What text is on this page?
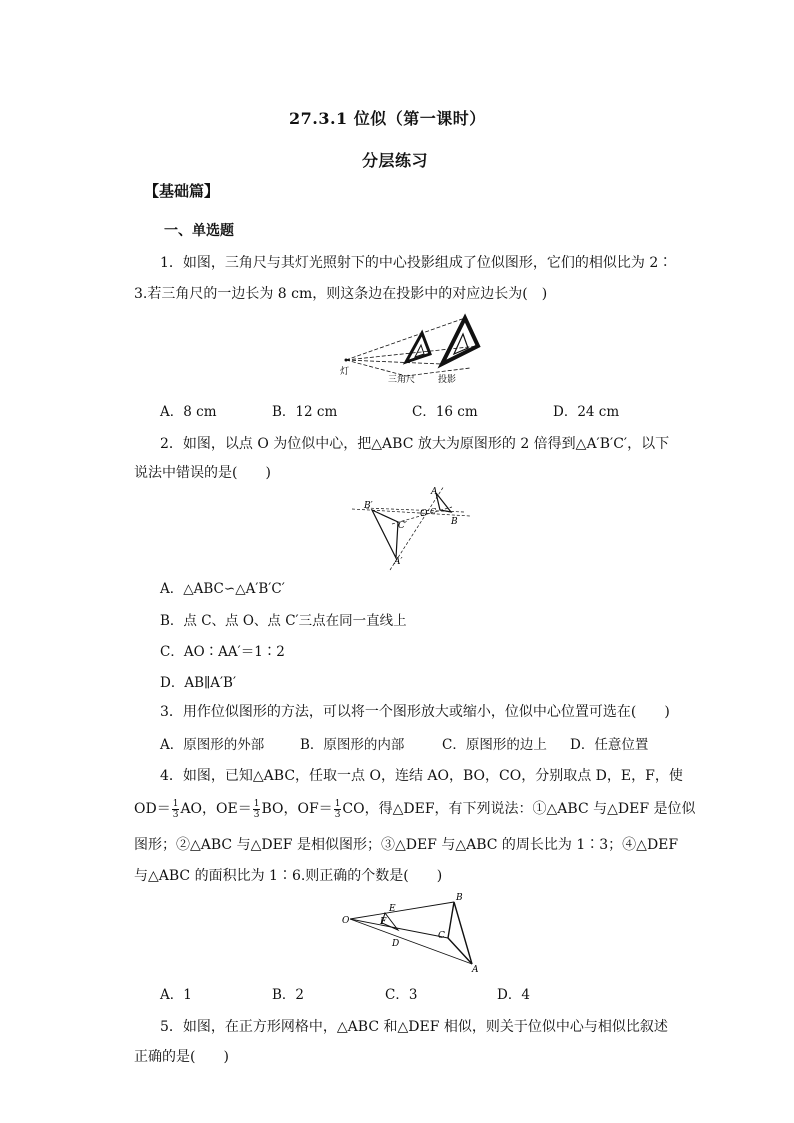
27.3.1 位似（第一课时）
分层练习
【基础篇】
一、单选题
1．如图，三角尺与其灯光照射下的中心投影组成了位似图形，它们的相似比为 2∶
3.若三角尺的一边长为 8 cm，则这条边在投影中的对应边长为(　)
灯
三角尺	投影
A．8 cm	B．12 cm	C．16 cm	D．24 cm
2．如图，以点 O 为位似中心，把△ABC 放大为原图形的 2 倍得到△A′B′C′，以下
说法中错误的是(　　)
B′
C′
A′
O
A
C
B
A．△ABC∽△A′B′C′
B．点 C、点 O、点 C′三点在同一直线上
C．AO∶AA′＝1∶2
D．AB∥A′B′
3．用作位似图形的方法，可以将一个图形放大或缩小，位似中心位置可选在(　　)
A．原图形的外部	B．原图形的内部	C．原图形的边上 D．任意位置
4．如图，已知△ABC，任取一点 O，连结 AO，BO，CO，分别取点 D，E，F，使
$OD= \frac{1}{3}$ AO，$OE= \frac{1}{3}$ BO，$OF= \frac{1}{3}$ CO，得△DEF，有下列说法：①△ABC 与△DEF 是位似
图形；②△ABC 与△DEF 是相似图形；③△DEF 与△ABC 的周长比为 1∶3；④△DEF
与△ABC 的面积比为 1∶6.则正确的个数是(　　)
O
E
F
D
B
C
A
A．1	B．2	C．3	D．4
5．如图，在正方形网格中，△ABC 和△DEF 相似，则关于位似中心与相似比叙述
正确的是(　　)
